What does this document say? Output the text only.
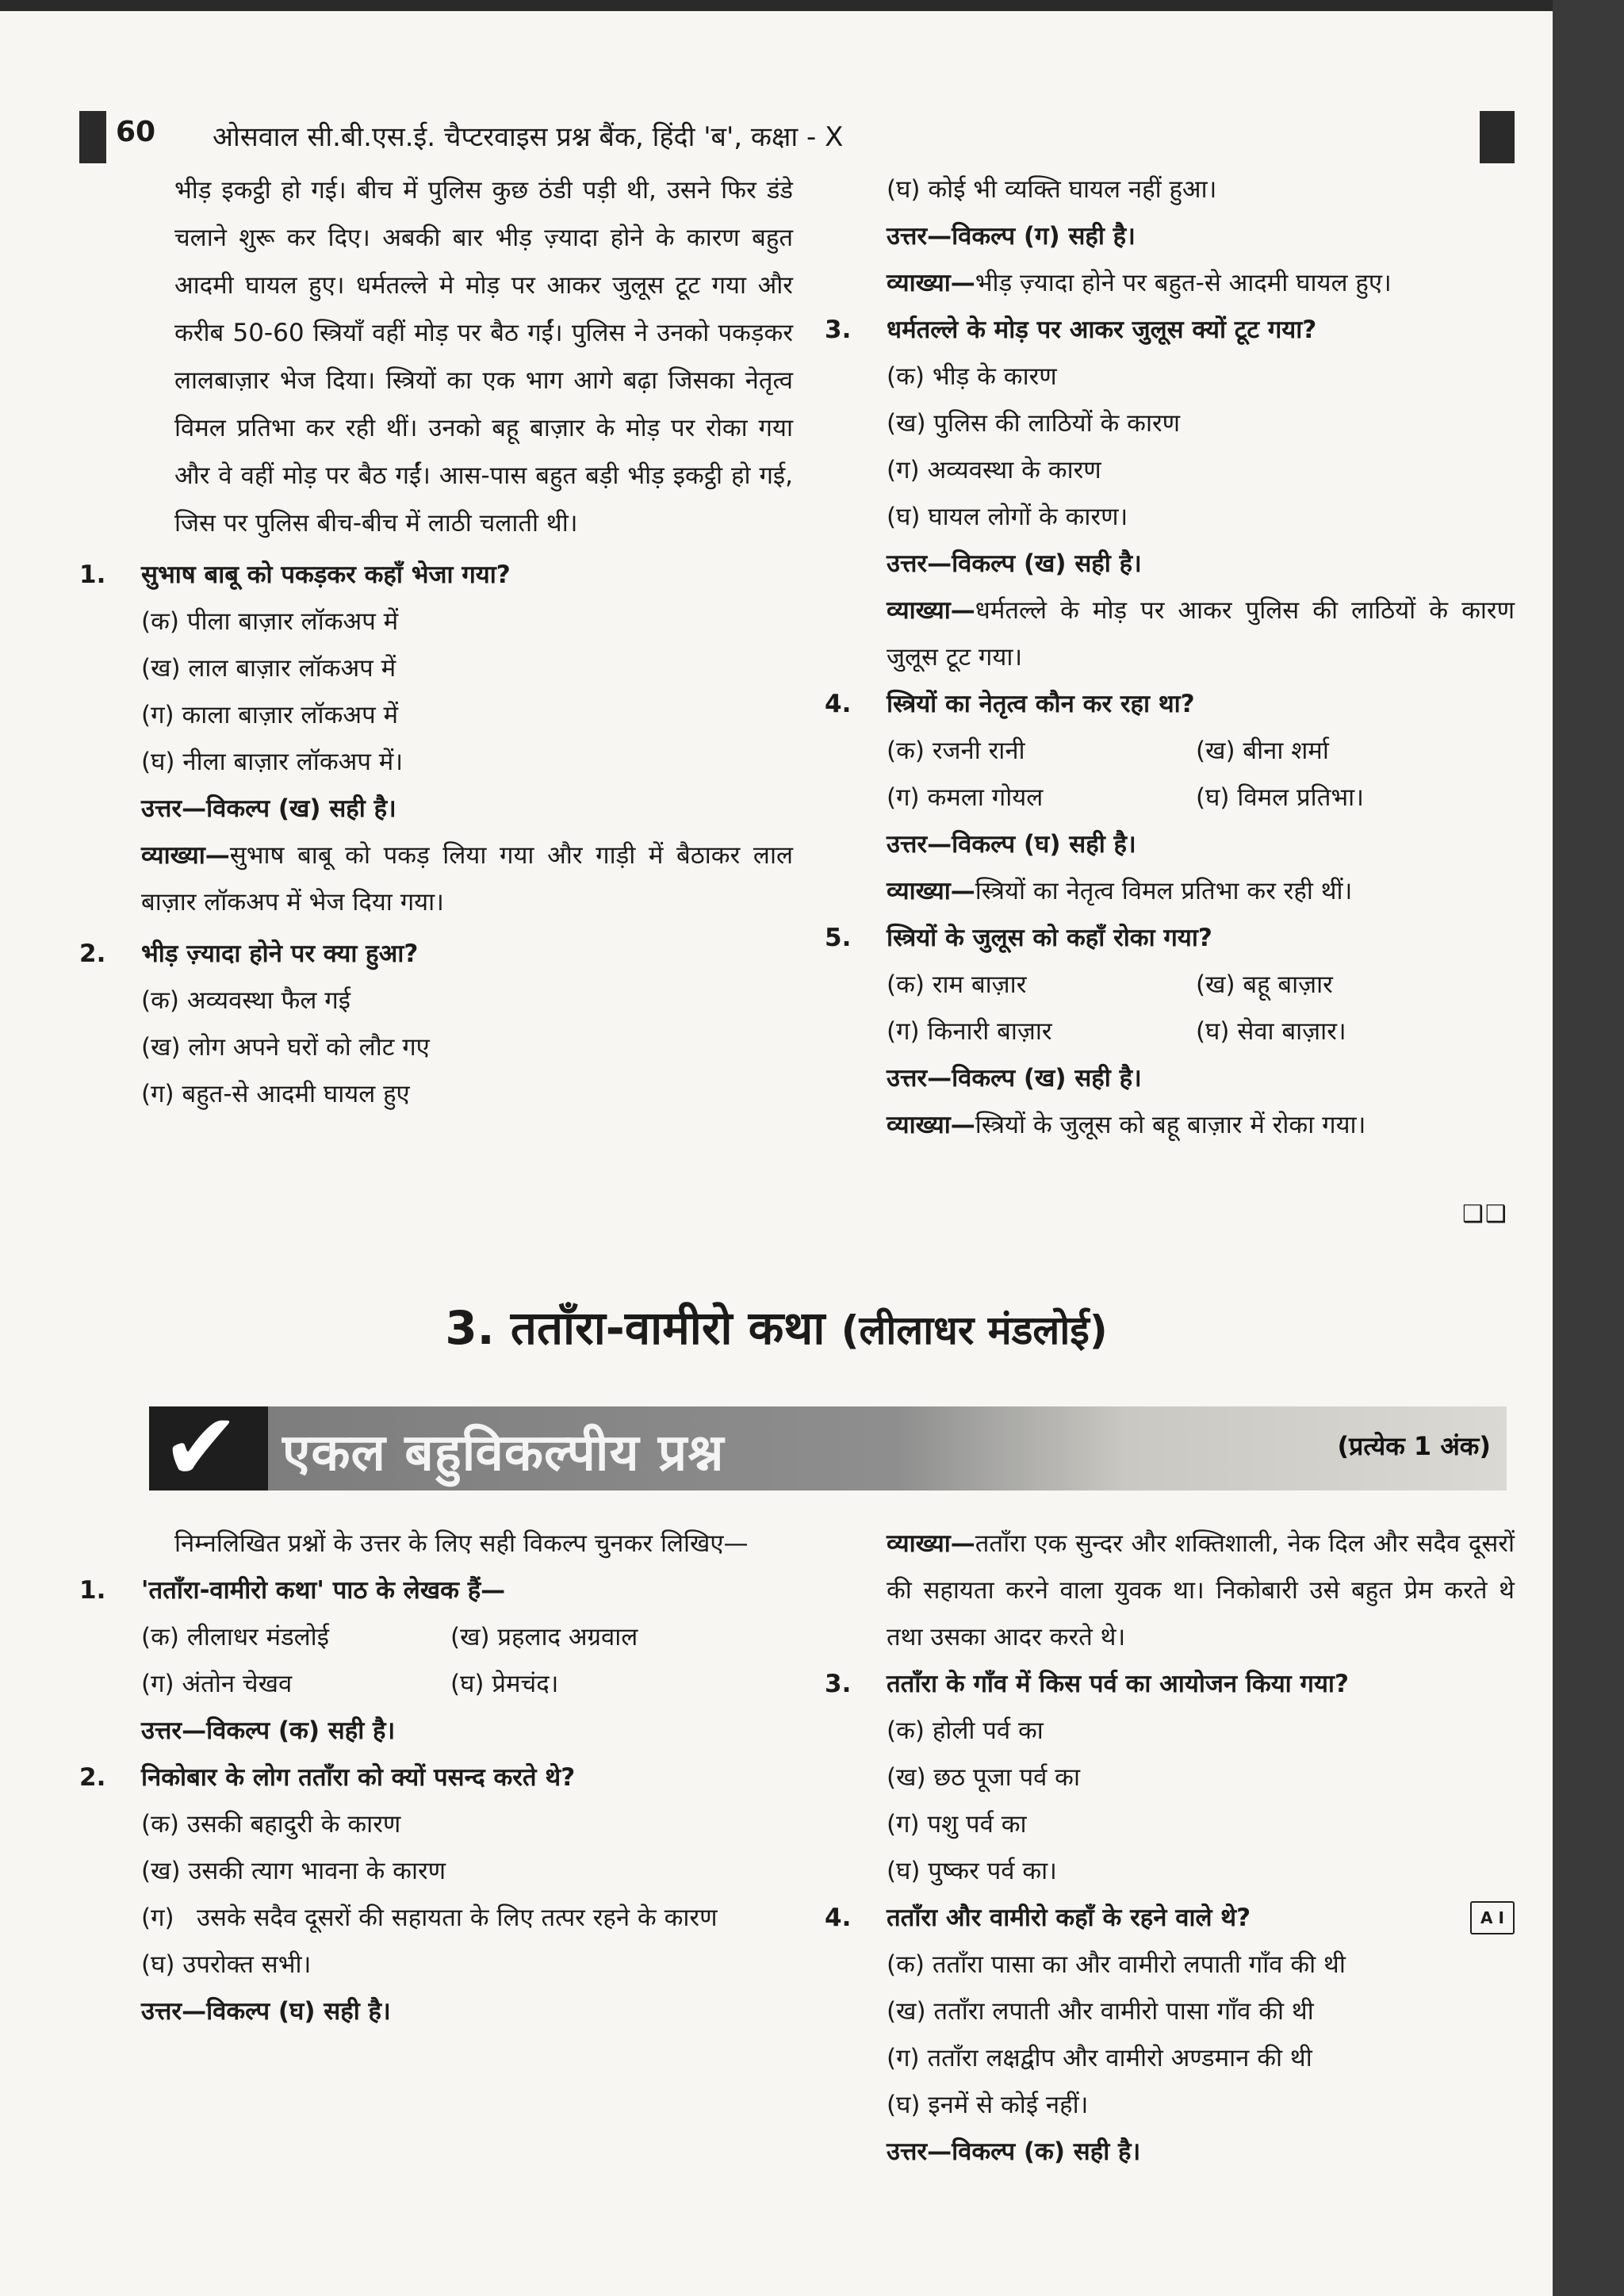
60 ओसवाल सी.बी.एस.ई. चैप्टरवाइस प्रश्न बैंक, हिंदी 'ब', कक्षा - X

भीड़ इकट्ठी हो गई। बीच में पुलिस कुछ ठंडी पड़ी थी, उसने फिर डंडे चलाने शुरू कर दिए। अबकी बार भीड़ ज़्यादा होने के कारण बहुत आदमी घायल हुए। धर्मतल्ले मे मोड़ पर आकर जुलूस टूट गया और करीब 50-60 स्त्रियाँ वहीं मोड़ पर बैठ गईं। पुलिस ने उनको पकड़कर लालबाज़ार भेज दिया। स्त्रियों का एक भाग आगे बढ़ा जिसका नेतृत्व विमल प्रतिभा कर रही थीं। उनको बहू बाज़ार के मोड़ पर रोका गया और वे वहीं मोड़ पर बैठ गईं। आस-पास बहुत बड़ी भीड़ इकट्ठी हो गई, जिस पर पुलिस बीच-बीच में लाठी चलाती थी।

1. सुभाष बाबू को पकड़कर कहाँ भेजा गया?

(क) पीला बाज़ार लॉकअप में

(ख) लाल बाज़ार लॉकअप में

(ग) काला बाज़ार लॉकअप में

(घ) नीला बाज़ार लॉकअप में।

उत्तर—विकल्प (ख) सही है।

व्याख्या—सुभाष बाबू को पकड़ लिया गया और गाड़ी में बैठाकर लाल बाज़ार लॉकअप में भेज दिया गया।

2. भीड़ ज़्यादा होने पर क्या हुआ?

(क) अव्यवस्था फैल गई

(ख) लोग अपने घरों को लौट गए

(ग) बहुत-से आदमी घायल हुए

(घ) कोई भी व्यक्ति घायल नहीं हुआ।

उत्तर—विकल्प (ग) सही है।

व्याख्या—भीड़ ज़्यादा होने पर बहुत-से आदमी घायल हुए।

3. धर्मतल्ले के मोड़ पर आकर जुलूस क्यों टूट गया?

(क) भीड़ के कारण

(ख) पुलिस की लाठियों के कारण

(ग) अव्यवस्था के कारण

(घ) घायल लोगों के कारण।

उत्तर—विकल्प (ख) सही है।

व्याख्या—धर्मतल्ले के मोड़ पर आकर पुलिस की लाठियों के कारण जुलूस टूट गया।

4. स्त्रियों का नेतृत्व कौन कर रहा था?

(क) रजनी रानी	(ख) बीना शर्मा

(ग) कमला गोयल	(घ) विमल प्रतिभा।

उत्तर—विकल्प (घ) सही है।

व्याख्या—स्त्रियों का नेतृत्व विमल प्रतिभा कर रही थीं।

5. स्त्रियों के जुलूस को कहाँ रोका गया?

(क) राम बाज़ार	(ख) बहू बाज़ार

(ग) किनारी बाज़ार	(घ) सेवा बाज़ार।

उत्तर—विकल्प (ख) सही है।

व्याख्या—स्त्रियों के जुलूस को बहू बाज़ार में रोका गया।

❑❑
3. तताँरा-वामीरो कथा (लीलाधर मंडलोई)
✔ एकल बहुविकल्पीय प्रश्न	(प्रत्येक 1 अंक)

निम्नलिखित प्रश्नों के उत्तर के लिए सही विकल्प चुनकर लिखिए—

1. 'तताँरा-वामीरो कथा' पाठ के लेखक हैं—

(क) लीलाधर मंडलोई	(ख) प्रहलाद अग्रवाल

(ग) अंतोन चेखव	(घ) प्रेमचंद।

उत्तर—विकल्प (क) सही है।

2. निकोबार के लोग तताँरा को क्यों पसन्द करते थे?

(क) उसकी बहादुरी के कारण

(ख) उसकी त्याग भावना के कारण

(ग) उसके सदैव दूसरों की सहायता के लिए तत्पर रहने के कारण

(घ) उपरोक्त सभी।

उत्तर—विकल्प (घ) सही है।

व्याख्या—तताँरा एक सुन्दर और शक्तिशाली, नेक दिल और सदैव दूसरों की सहायता करने वाला युवक था। निकोबारी उसे बहुत प्रेम करते थे तथा उसका आदर करते थे।

3. तताँरा के गाँव में किस पर्व का आयोजन किया गया?

(क) होली पर्व का

(ख) छठ पूजा पर्व का

(ग) पशु पर्व का

(घ) पुष्कर पर्व का।

4. तताँरा और वामीरो कहाँ के रहने वाले थे?	A I

(क) तताँरा पासा का और वामीरो लपाती गाँव की थी

(ख) तताँरा लपाती और वामीरो पासा गाँव की थी

(ग) तताँरा लक्षद्वीप और वामीरो अण्डमान की थी

(घ) इनमें से कोई नहीं।

उत्तर—विकल्प (क) सही है।
